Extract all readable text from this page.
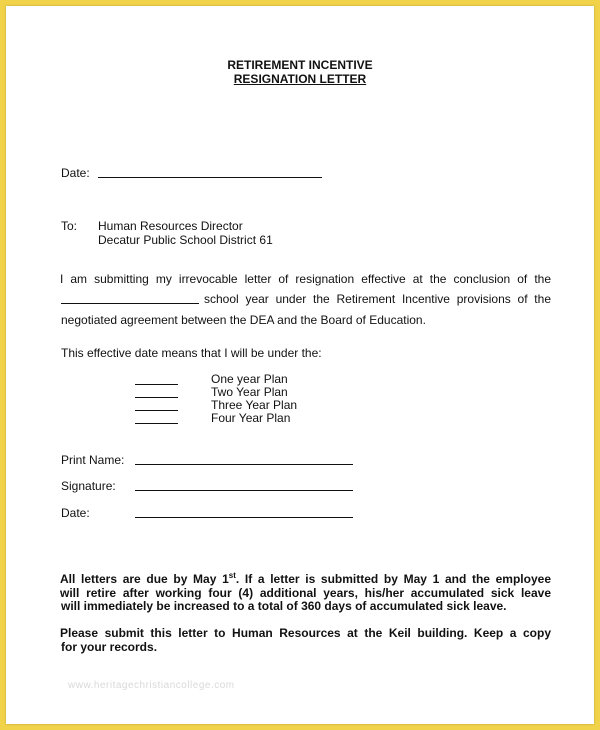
RETIREMENT INCENTIVE
RESIGNATION LETTER
Date:
To: Human Resources Director
Decatur Public School District 61
I am submitting my irrevocable letter of resignation effective at the conclusion of the
school year under the Retirement Incentive provisions of the
negotiated agreement between the DEA and the Board of Education.
This effective date means that I will be under the:
One year Plan
Two Year Plan
Three Year Plan
Four Year Plan
Print Name:
Signature:
Date:
All letters are due by May 1st. If a letter is submitted by May 1 and the employee
will retire after working four (4) additional years, his/her accumulated sick leave
will immediately be increased to a total of 360 days of accumulated sick leave.
Please submit this letter to Human Resources at the Keil building. Keep a copy
for your records.
www.heritagechristiancollege.com
